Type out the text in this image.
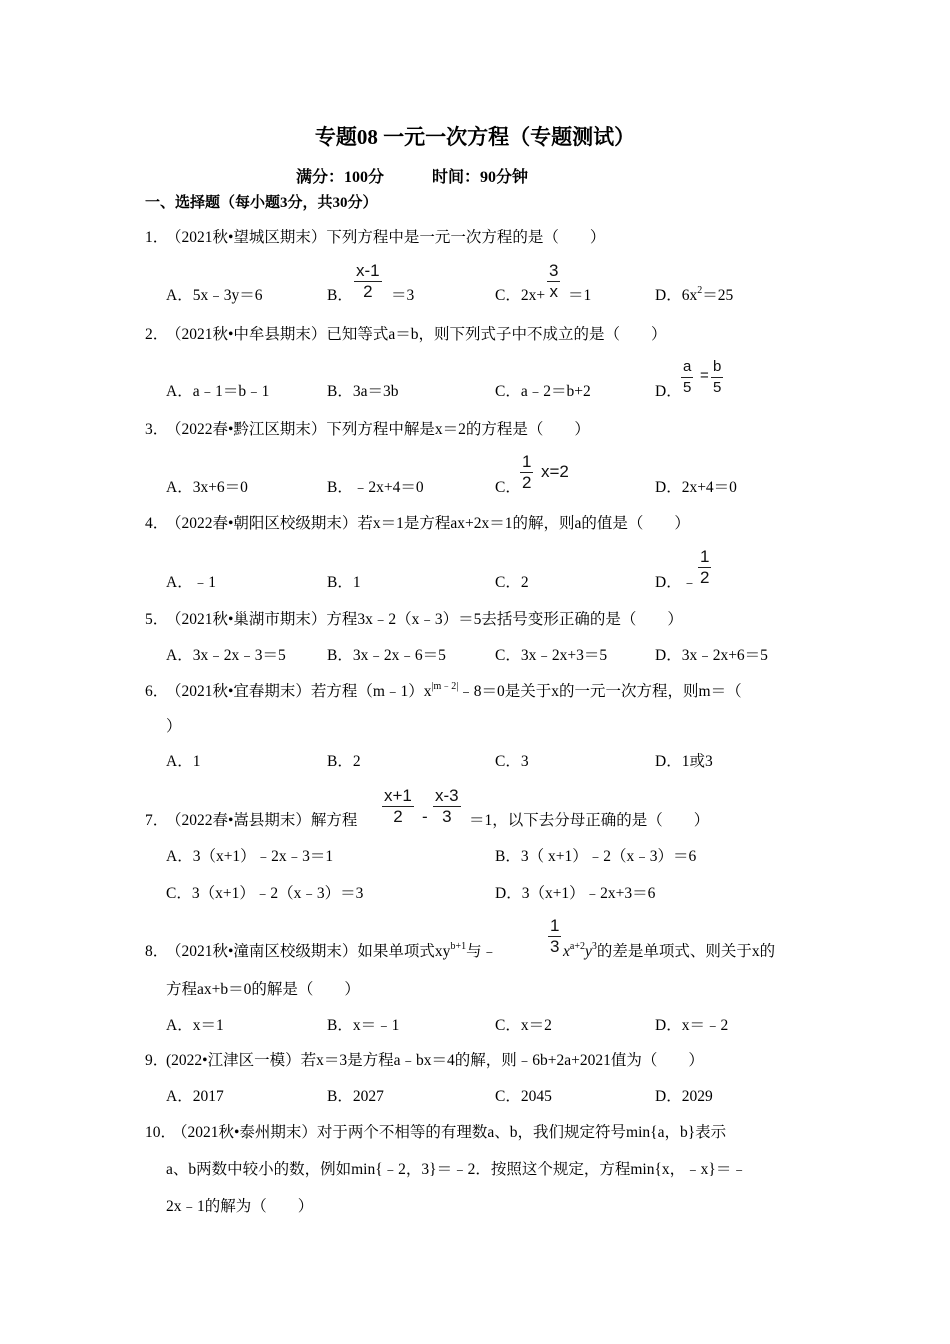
专题08 一元一次方程（专题测试）
满分：100分	时间：90分钟
一、选择题（每小题3分，共30分）
1．
（2021秋•望城区期末）下列方程中是一元一次方程的是（　　）
A．5x﹣3y＝6	B．
x-1
2	＝3	C．2x+
3
x ＝1	D．$6x^2=25$
2．
（2021秋•中牟县期末）已知等式a＝b，则下列式子中不成立的是（　　）
A．a﹣1＝b﹣1	B．3a＝3b	C．a﹣2＝b+2	D．
a
5
=
b
5
3．
（2022春•黔江区期末）下列方程中解是x＝2的方程是（　　）
A．3x+6＝0	B．﹣2x+4＝0	C．
1
2
x=2
D．2x+4＝0
4．
（2022春•朝阳区校级期末）若x＝1是方程ax+2x＝1的解，则a的值是（　　）
A．﹣1	B．1	C．2	D．﹣
1
2
5．
（2021秋•巢湖市期末）方程3x﹣2（x﹣3）＝5去括号变形正确的是（　　）
A．3x﹣2x﹣3＝5	B．3x﹣2x﹣6＝5	C．3x﹣2x+3＝5	D．3x﹣2x+6＝5
6．
（2021秋•宜春期末）若方程$(m﹣1)x^{|m﹣2|}﹣8=0$是关于x的一元一次方程，则m＝（
）
A．1	B．2	C．3	D．1或3
7．
（2022春•嵩县期末）解方程
x+1
2	-
x-3
3	＝1，以下去分母正确的是（　　）
A．3（x+1）﹣2x﹣3＝1	B．3（ x+1）﹣2（x﹣3）＝6
C．3（x+1）﹣2（x﹣3）＝3	D．3（x+1）﹣2x+3＝6
8．
（2021秋•潼南区校级期末）如果单项式$xy^{b+1}$与﹣
1
3 $x^{a+2}y^3$的差是单项式、则关于x的
方程ax+b＝0的解是（　　）
A．x＝1	B．x＝﹣1	C．x＝2	D．x＝﹣2
9．
(2022•江津区一模）若x＝3是方程a﹣bx＝4的解，则﹣6b+2a+2021值为（　　）
A．2017	B．2027	C．2045	D．2029
10．
（2021秋•泰州期末）对于两个不相等的有理数a、b，我们规定符号min{a，b}表示
a、b两数中较小的数，例如min{﹣2，3}＝﹣2．按照这个规定，方程min{x，﹣x}＝﹣
2x﹣1的解为（　　）
